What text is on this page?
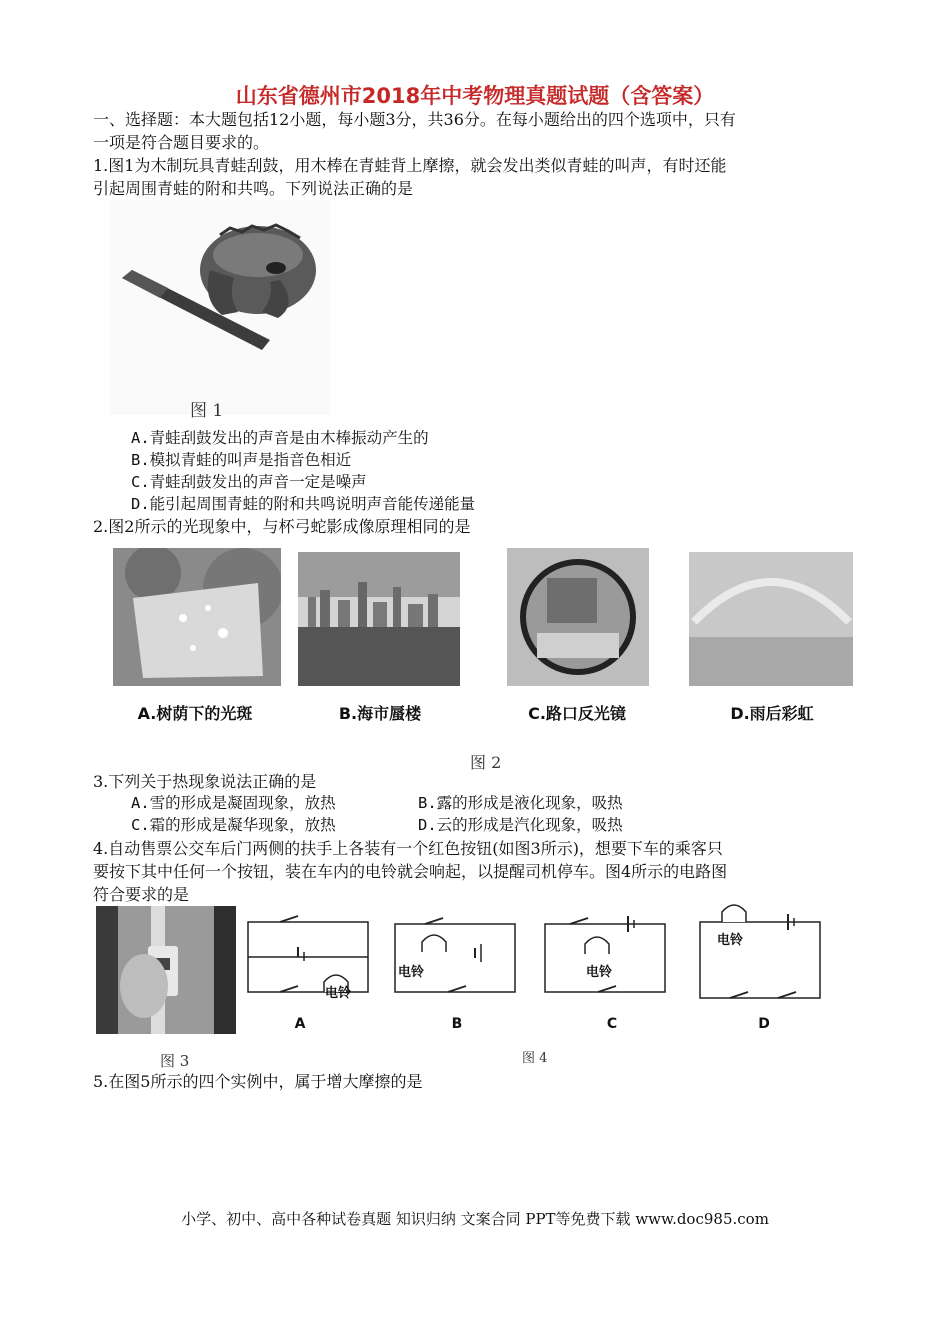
山东省德州市2018年中考物理真题试题（含答案）
一、选择题：本大题包括12小题，每小题3分，共36分。在每小题给出的四个选项中，只有
一项是符合题目要求的。
1.图1为木制玩具青蛙刮鼓，用木棒在青蛙背上摩擦，就会发出类似青蛙的叫声，有时还能
引起周围青蛙的附和共鸣。下列说法正确的是
图 1
A.青蛙刮鼓发出的声音是由木棒振动产生的
B.模拟青蛙的叫声是指音色相近
C.青蛙刮鼓发出的声音一定是噪声
D.能引起周围青蛙的附和共鸣说明声音能传递能量
2.图2所示的光现象中，与杯弓蛇影成像原理相同的是
A.树荫下的光斑	B.海市蜃楼	C.路口反光镜	D.雨后彩虹
图 2
3.下列关于热现象说法正确的是
A.雪的形成是凝固现象，放热	B.露的形成是液化现象，吸热
C.霜的形成是凝华现象，放热	D.云的形成是汽化现象，吸热
4.自动售票公交车后门两侧的扶手上各装有一个红色按钮(如图3所示)，想要下车的乘客只
要按下其中任何一个按钮，装在车内的电铃就会响起，以提醒司机停车。图4所示的电路图
符合要求的是
图 3
电铃
电铃	电铃
电铃
A	B	C	D
图 4
5.在图5所示的四个实例中，属于增大摩擦的是
小学、初中、高中各种试卷真题 知识归纳 文案合同 PPT等免费下载 www.doc985.com
